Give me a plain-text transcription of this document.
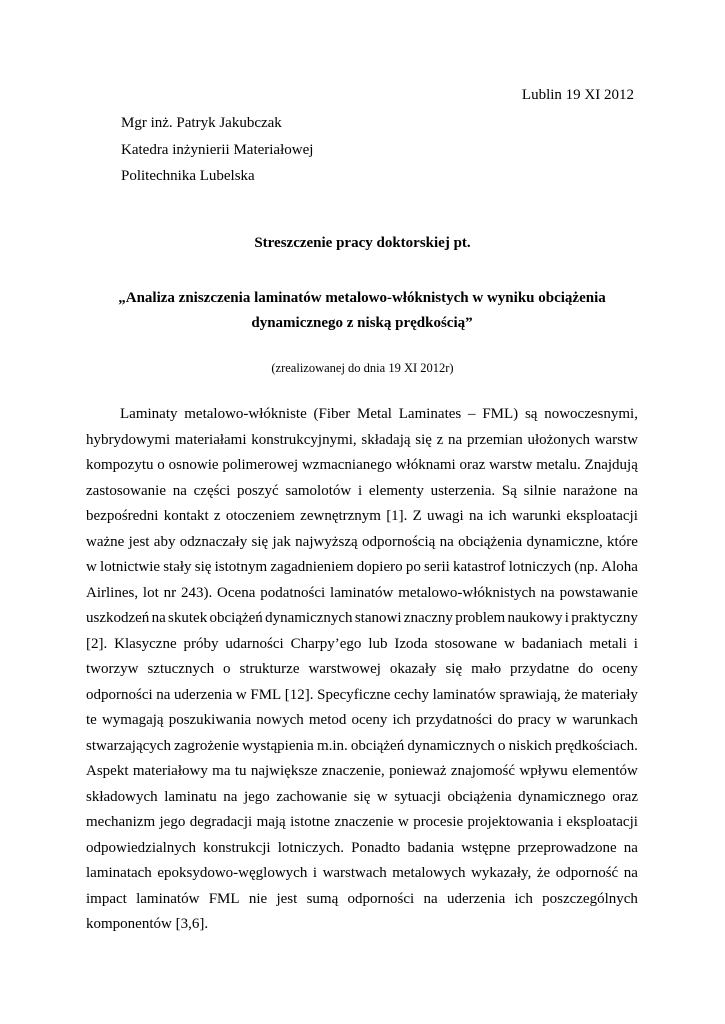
Lublin 19 XI 2012
Mgr inż. Patryk Jakubczak
Katedra inżynierii Materiałowej
Politechnika Lubelska
Streszczenie pracy doktorskiej pt.
„Analiza zniszczenia laminatów metalowo-włóknistych w wyniku obciążenia
dynamicznego z niską prędkością”
(zrealizowanej do dnia 19 XI 2012r)
Laminaty metalowo-włókniste (Fiber Metal Laminates – FML) są nowoczesnymi,
hybrydowymi materiałami konstrukcyjnymi, składają się z na przemian ułożonych warstw
kompozytu o osnowie polimerowej wzmacnianego włóknami oraz warstw metalu. Znajdują
zastosowanie na części poszyć samolotów i elementy usterzenia. Są silnie narażone na
bezpośredni kontakt z otoczeniem zewnętrznym [1]. Z uwagi na ich warunki eksploatacji
ważne jest aby odznaczały się jak najwyższą odpornością na obciążenia dynamiczne, które
w lotnictwie stały się istotnym zagadnieniem dopiero po serii katastrof lotniczych (np. Aloha
Airlines, lot nr 243). Ocena podatności laminatów metalowo-włóknistych na powstawanie
uszkodzeń na skutek obciążeń dynamicznych stanowi znaczny problem naukowy i praktyczny
[2]. Klasyczne próby udarności Charpy’ego lub Izoda stosowane w badaniach metali i
tworzyw sztucznych o strukturze warstwowej okazały się mało przydatne do oceny
odporności na uderzenia w FML [12]. Specyficzne cechy laminatów sprawiają, że materiały
te wymagają poszukiwania nowych metod oceny ich przydatności do pracy w warunkach
stwarzających zagrożenie wystąpienia m.in. obciążeń dynamicznych o niskich prędkościach.
Aspekt materiałowy ma tu największe znaczenie, ponieważ znajomość wpływu elementów
składowych laminatu na jego zachowanie się w sytuacji obciążenia dynamicznego oraz
mechanizm jego degradacji mają istotne znaczenie w procesie projektowania i eksploatacji
odpowiedzialnych konstrukcji lotniczych. Ponadto badania wstępne przeprowadzone na
laminatach epoksydowo-węglowych i warstwach metalowych wykazały, że odporność na
impact laminatów FML nie jest sumą odporności na uderzenia ich poszczególnych
komponentów [3,6].
